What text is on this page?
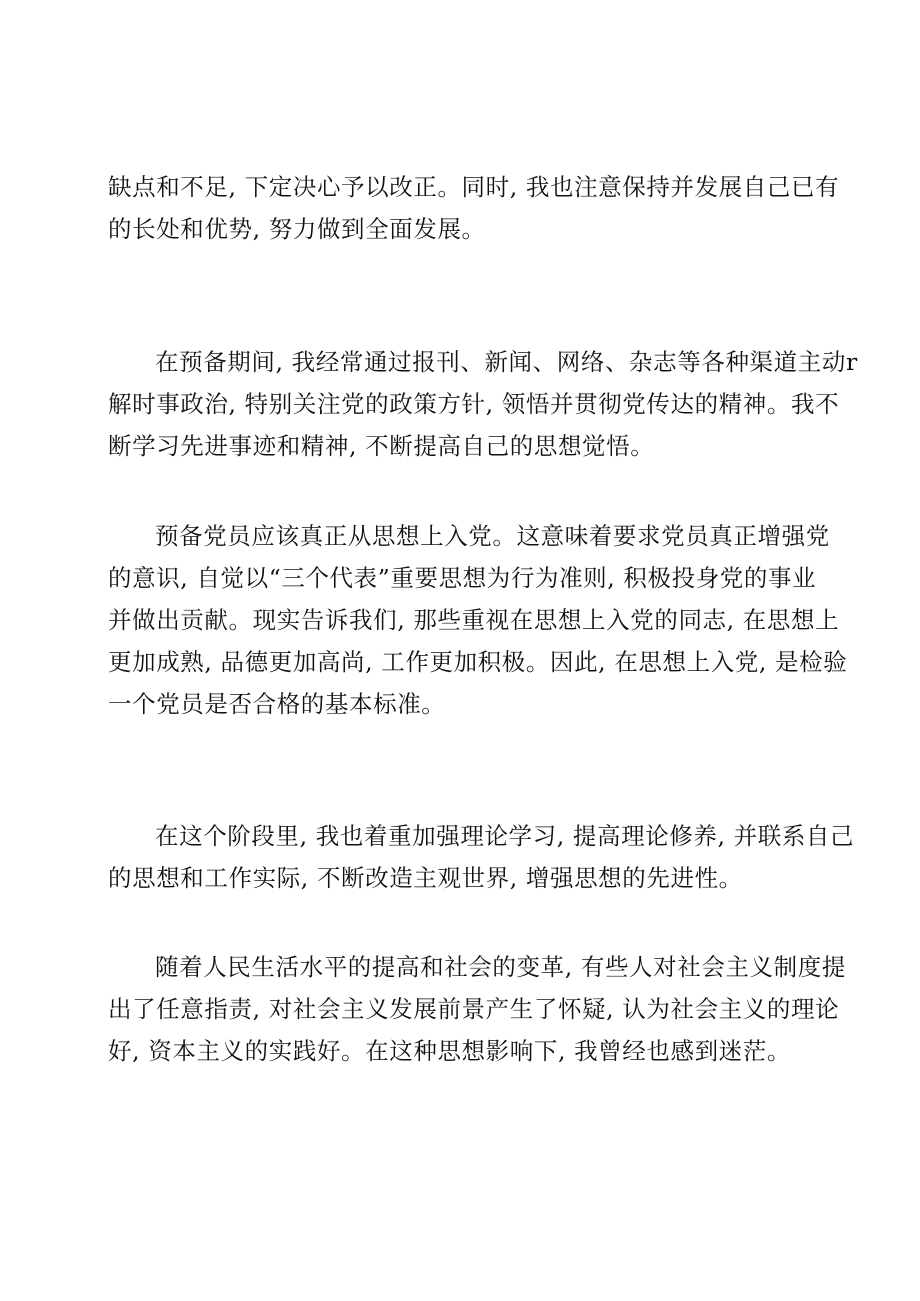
缺点和不足, 下定决心予以改正。同时, 我也注意保持并发展自己已有
的长处和优势, 努力做到全面发展。
在预备期间, 我经常通过报刊、新闻、网络、杂志等各种渠道主动r
解时事政治, 特别关注党的政策方针, 领悟并贯彻党传达的精神。我不
断学习先进事迹和精神, 不断提高自己的思想觉悟。
预备党员应该真正从思想上入党。这意味着要求党员真正增强党
的意识, 自觉以“三个代表”重要思想为行为准则, 积极投身党的事业
并做出贡献。现实告诉我们, 那些重视在思想上入党的同志, 在思想上
更加成熟, 品德更加高尚, 工作更加积极。因此, 在思想上入党, 是检验
一个党员是否合格的基本标准。
在这个阶段里, 我也着重加强理论学习, 提高理论修养, 并联系自己
的思想和工作实际, 不断改造主观世界, 增强思想的先进性。
随着人民生活水平的提高和社会的变革, 有些人对社会主义制度提
出了任意指责, 对社会主义发展前景产生了怀疑, 认为社会主义的理论
好, 资本主义的实践好。在这种思想影响下, 我曾经也感到迷茫。
